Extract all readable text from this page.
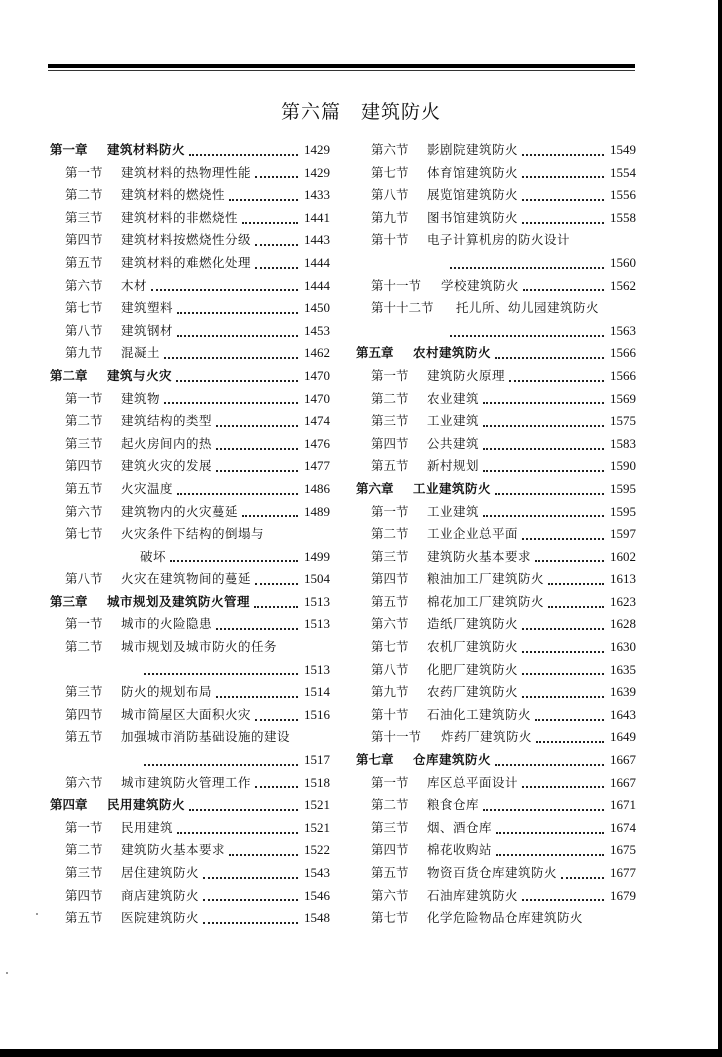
第六篇　建筑防火
第一章	建筑材料防火	1429
第一节	建筑材料的热物理性能	1429
第二节	建筑材料的燃烧性	1433
第三节	建筑材料的非燃烧性	1441
第四节	建筑材料按燃烧性分级	1443
第五节	建筑材料的难燃化处理	1444
第六节	木材	1444
第七节	建筑塑料	1450
第八节	建筑钢材	1453
第九节	混凝土	1462
第二章	建筑与火灾	1470
第一节	建筑物	1470
第二节	建筑结构的类型	1474
第三节	起火房间内的热	1476
第四节	建筑火灾的发展	1477
第五节	火灾温度	1486
第六节	建筑物内的火灾蔓延	1489
第七节	火灾条件下结构的倒塌与
破坏	1499
第八节	火灾在建筑物间的蔓延	1504
第三章	城市规划及建筑防火管理	1513
第一节	城市的火险隐患	1513
第二节	城市规划及城市防火的任务
1513
第三节	防火的规划布局	1514
第四节	城市简屋区大面积火灾	1516
第五节	加强城市消防基础设施的建设
1517
第六节	城市建筑防火管理工作	1518
第四章	民用建筑防火	1521
第一节	民用建筑	1521
第二节	建筑防火基本要求	1522
第三节	居住建筑防火	1543
第四节	商店建筑防火	1546
第五节	医院建筑防火	1548
第六节	影剧院建筑防火	1549
第七节	体育馆建筑防火	1554
第八节	展览馆建筑防火	1556
第九节	图书馆建筑防火	1558
第十节	电子计算机房的防火设计
1560
第十一节	学校建筑防火	1562
第十十二节	托儿所、幼儿园建筑防火
1563
第五章	农村建筑防火	1566
第一节	建筑防火原理	1566
第二节	农业建筑	1569
第三节	工业建筑	1575
第四节	公共建筑	1583
第五节	新村规划	1590
第六章	工业建筑防火	1595
第一节	工业建筑	1595
第二节	工业企业总平面	1597
第三节	建筑防火基本要求	1602
第四节	粮油加工厂建筑防火	1613
第五节	棉花加工厂建筑防火	1623
第六节	造纸厂建筑防火	1628
第七节	农机厂建筑防火	1630
第八节	化肥厂建筑防火	1635
第九节	农药厂建筑防火	1639
第十节	石油化工建筑防火	1643
第十一节	炸药厂建筑防火	1649
第七章	仓库建筑防火	1667
第一节	库区总平面设计	1667
第二节	粮食仓库	1671
第三节	烟、酒仓库	1674
第四节	棉花收购站	1675
第五节	物资百货仓库建筑防火	1677
第六节	石油库建筑防火	1679
第七节	化学危险物品仓库建筑防火
